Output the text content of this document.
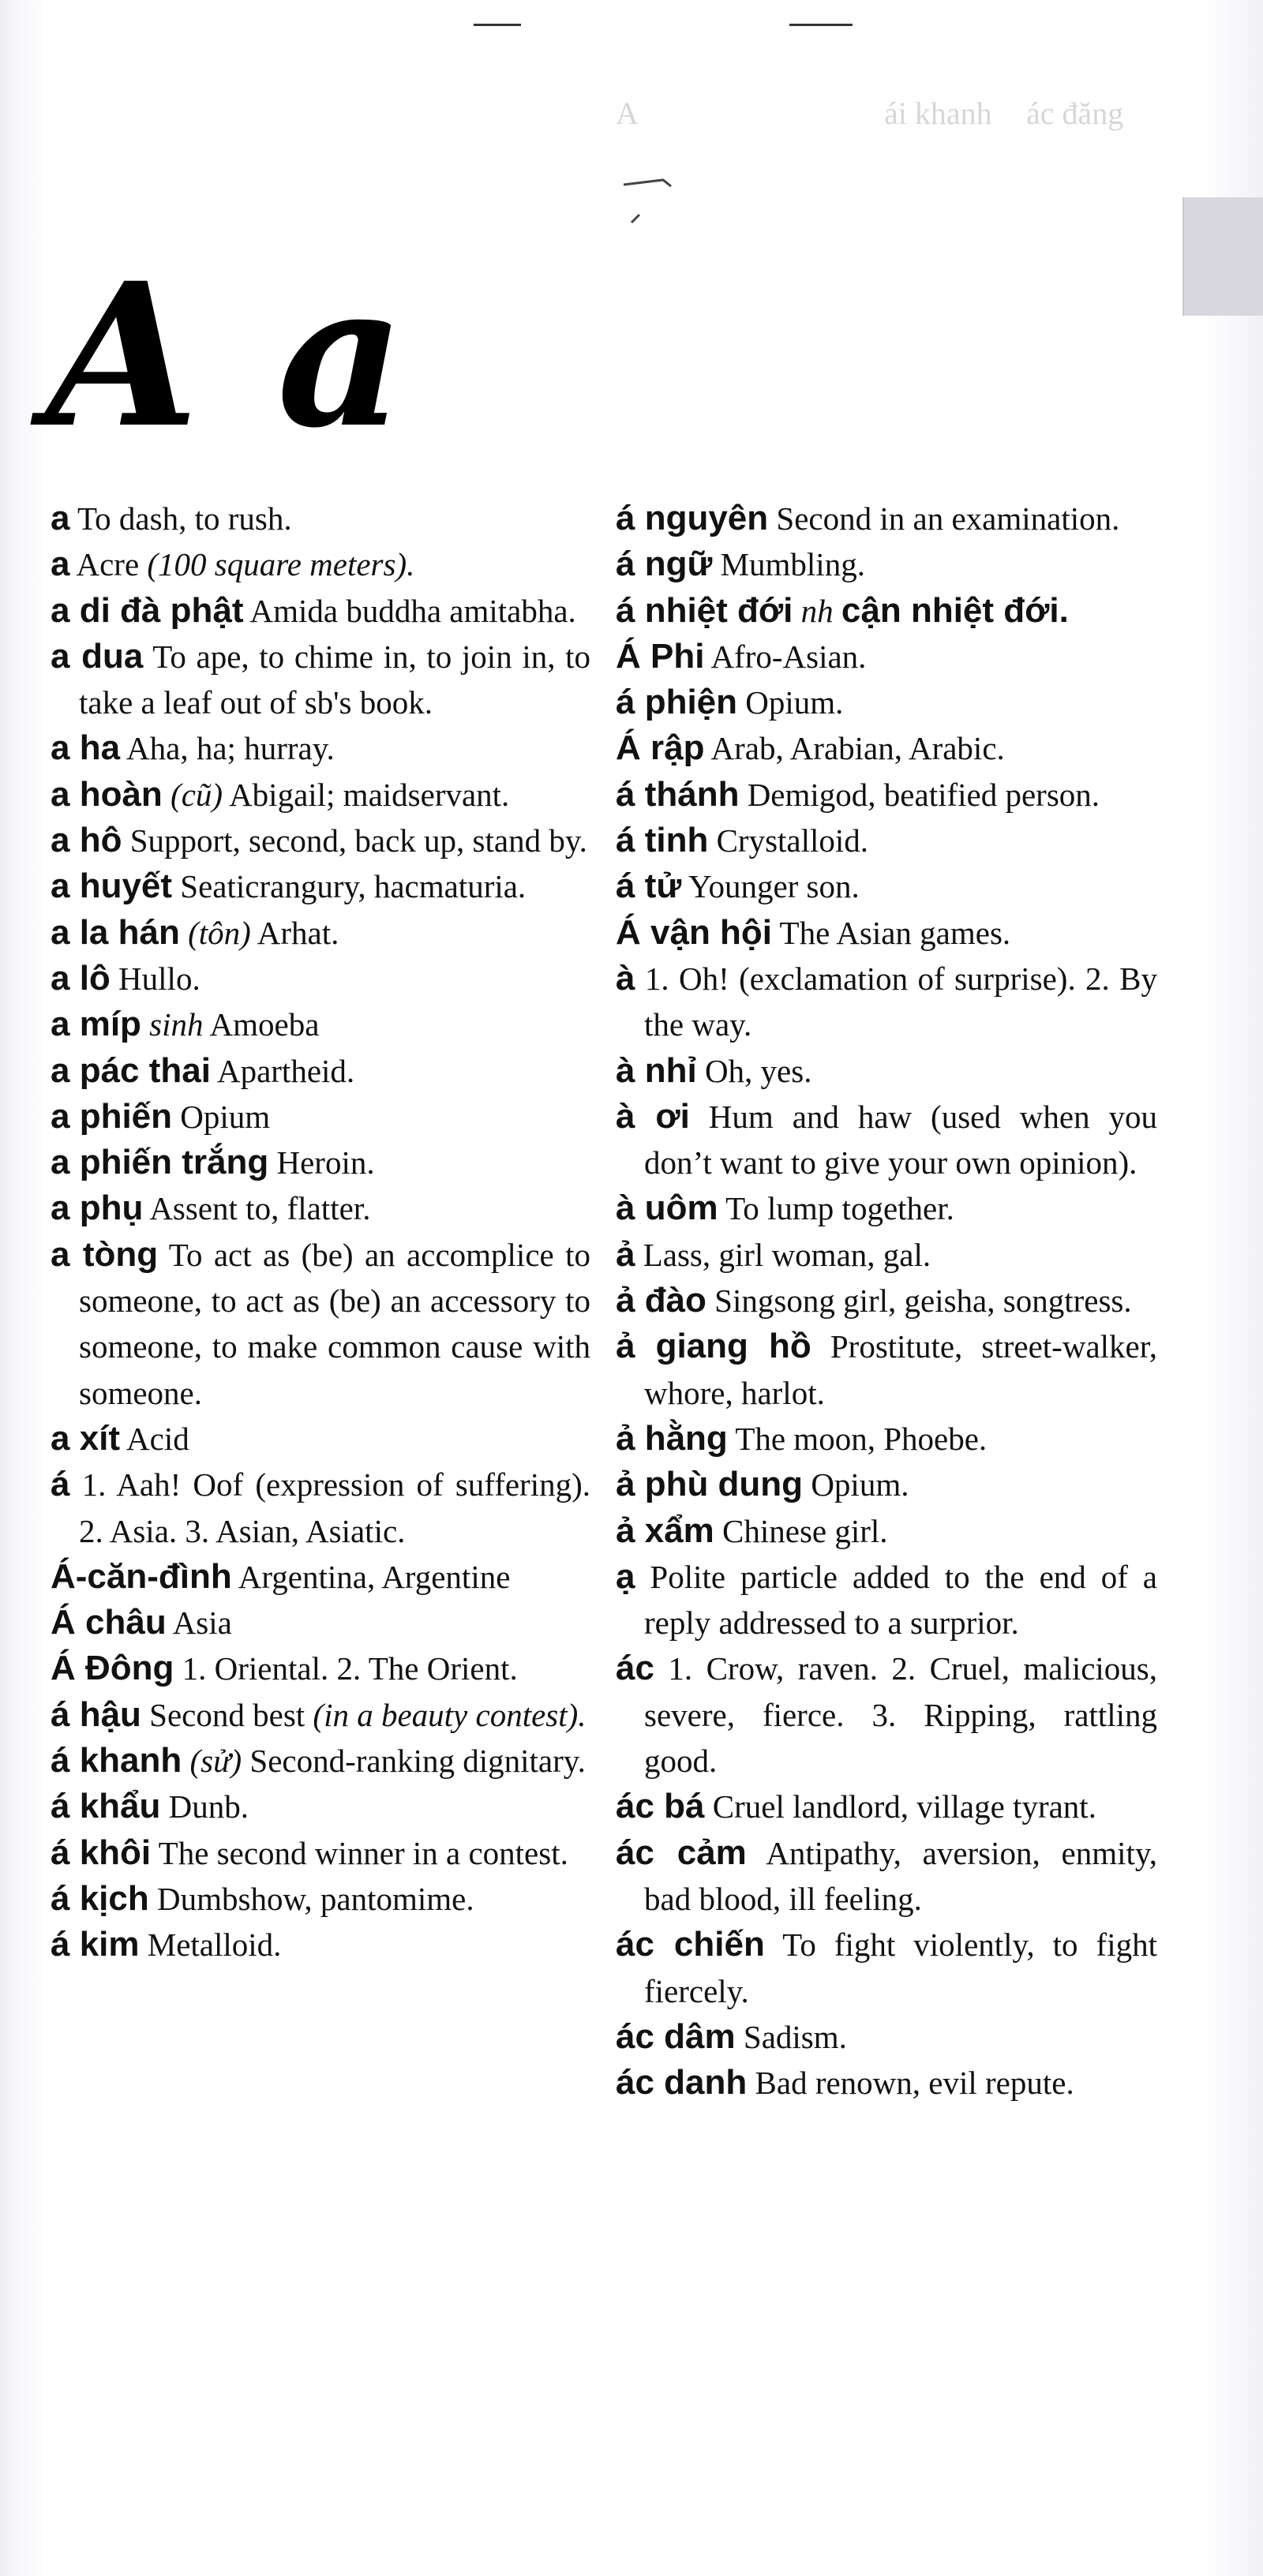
ác đăng
A	ái khanh
A a
a To dash, to rush.
a Acre (100 square meters).
a di đà phật Amida buddha amitabha.
a dua To ape, to chime in, to join in, to take a leaf out of sb's book.
a ha Aha, ha; hurray.
a hoàn (cũ) Abigail; maidservant.
a hô Support, second, back up, stand by.
a huyết Seaticrangury, hacmaturia.
a la hán (tôn) Arhat.
a lô Hullo.
a míp sinh Amoeba
a pác thai Apartheid.
a phiến Opium
a phiến trắng Heroin.
a phụ Assent to, flatter.
a tòng To act as (be) an accomplice to someone, to act as (be) an accessory to someone, to make common cause with someone.
a xít Acid
á 1. Aah! Oof (expression of suffering). 2. Asia. 3. Asian, Asiatic.
Á-căn-đình Argentina, Argentine
Á châu Asia
Á Đông 1. Oriental. 2. The Orient.
á hậu Second best (in a beauty contest).
á khanh (sử) Second-ranking dignitary.
á khẩu Dunb.
á khôi The second winner in a contest.
á kịch Dumbshow, pantomime.
á kim Metalloid.
á nguyên Second in an examination.
á ngữ Mumbling.
á nhiệt đới nh cận nhiệt đới.
Á Phi Afro-Asian.
á phiện Opium.
Á rập Arab, Arabian, Arabic.
á thánh Demigod, beatified person.
á tinh Crystalloid.
á tử Younger son.
Á vận hội The Asian games.
à 1. Oh! (exclamation of surprise). 2. By the way.
à nhỉ Oh, yes.
à ơi Hum and haw (used when you don’t want to give your own opinion).
à uôm To lump together.
ả Lass, girl woman, gal.
ả đào Singsong girl, geisha, songtress.
ả giang hồ Prostitute, street-walker, whore, harlot.
ả hằng The moon, Phoebe.
ả phù dung Opium.
ả xẩm Chinese girl.
ạ Polite particle added to the end of a reply addressed to a surprior.
ác 1. Crow, raven. 2. Cruel, malicious, severe, fierce. 3. Ripping, rattling good.
ác bá Cruel landlord, village tyrant.
ác cảm Antipathy, aversion, enmity, bad blood, ill feeling.
ác chiến To fight violently, to fight fiercely.
ác dâm Sadism.
ác danh Bad renown, evil repute.
